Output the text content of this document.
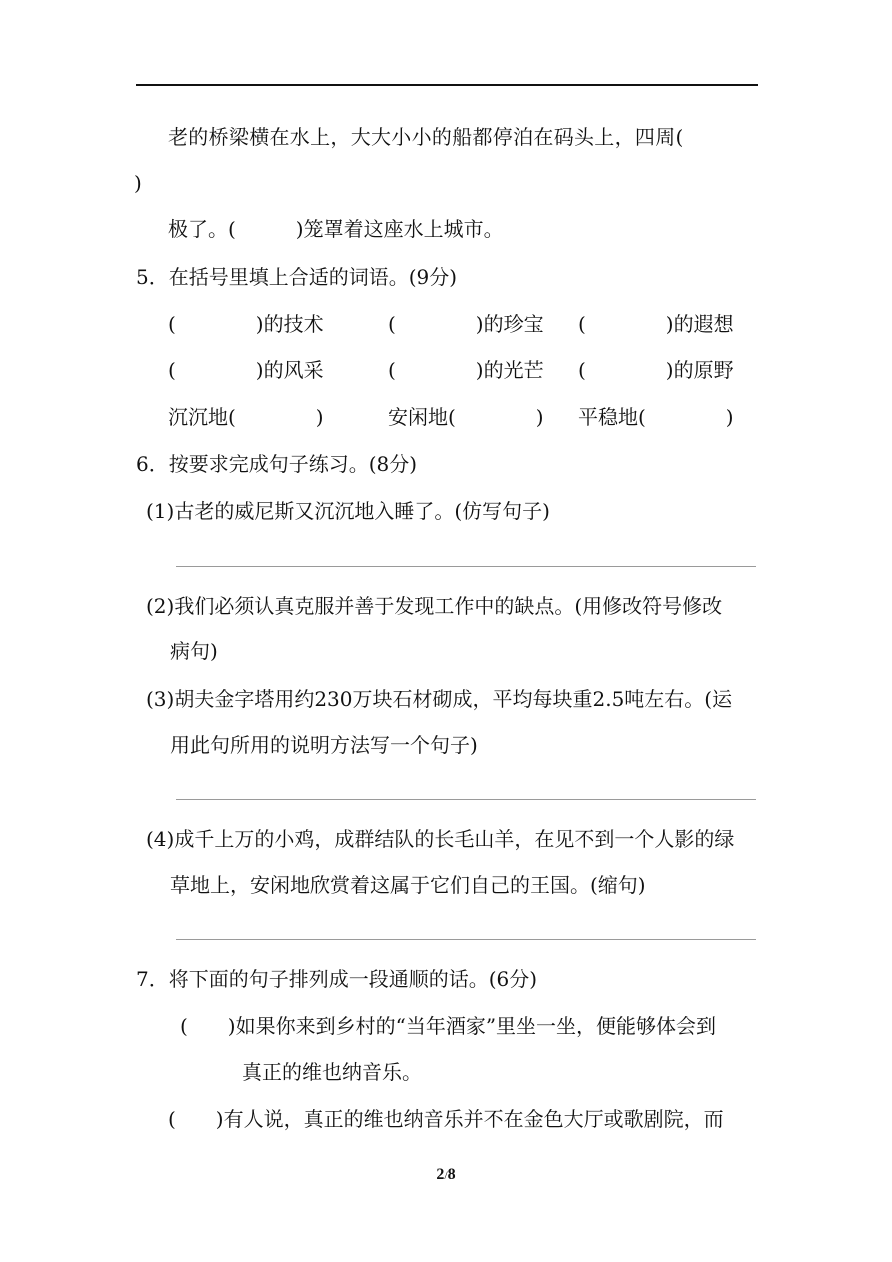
老的桥梁横在水上，大大小小的船都停泊在码头上，四周(
)
极了。(　　　)笼罩着这座水上城市。
5．在括号里填上合适的词语。(9分)
(　　　　)的技术	(　　　　)的珍宝 (　　　　)的遐想
(　　　　)的风采	(　　　　)的光芒 (　　　　)的原野
沉沉地(　　　　)	安闲地(　　　　) 平稳地(　　　　)
6．按要求完成句子练习。(8分)
(1)古老的威尼斯又沉沉地入睡了。(仿写句子)
(2)我们必须认真克服并善于发现工作中的缺点。(用修改符号修改
病句)
(3)胡夫金字塔用约230万块石材砌成，平均每块重2.5吨左右。(运
用此句所用的说明方法写一个句子)
(4)成千上万的小鸡，成群结队的长毛山羊，在见不到一个人影的绿
草地上，安闲地欣赏着这属于它们自己的王国。(缩句)
7．将下面的句子排列成一段通顺的话。(6分)
(　　)如果你来到乡村的“当年酒家”里坐一坐，便能够体会到
真正的维也纳音乐。
(　　)有人说，真正的维也纳音乐并不在金色大厅或歌剧院，而
2/8
